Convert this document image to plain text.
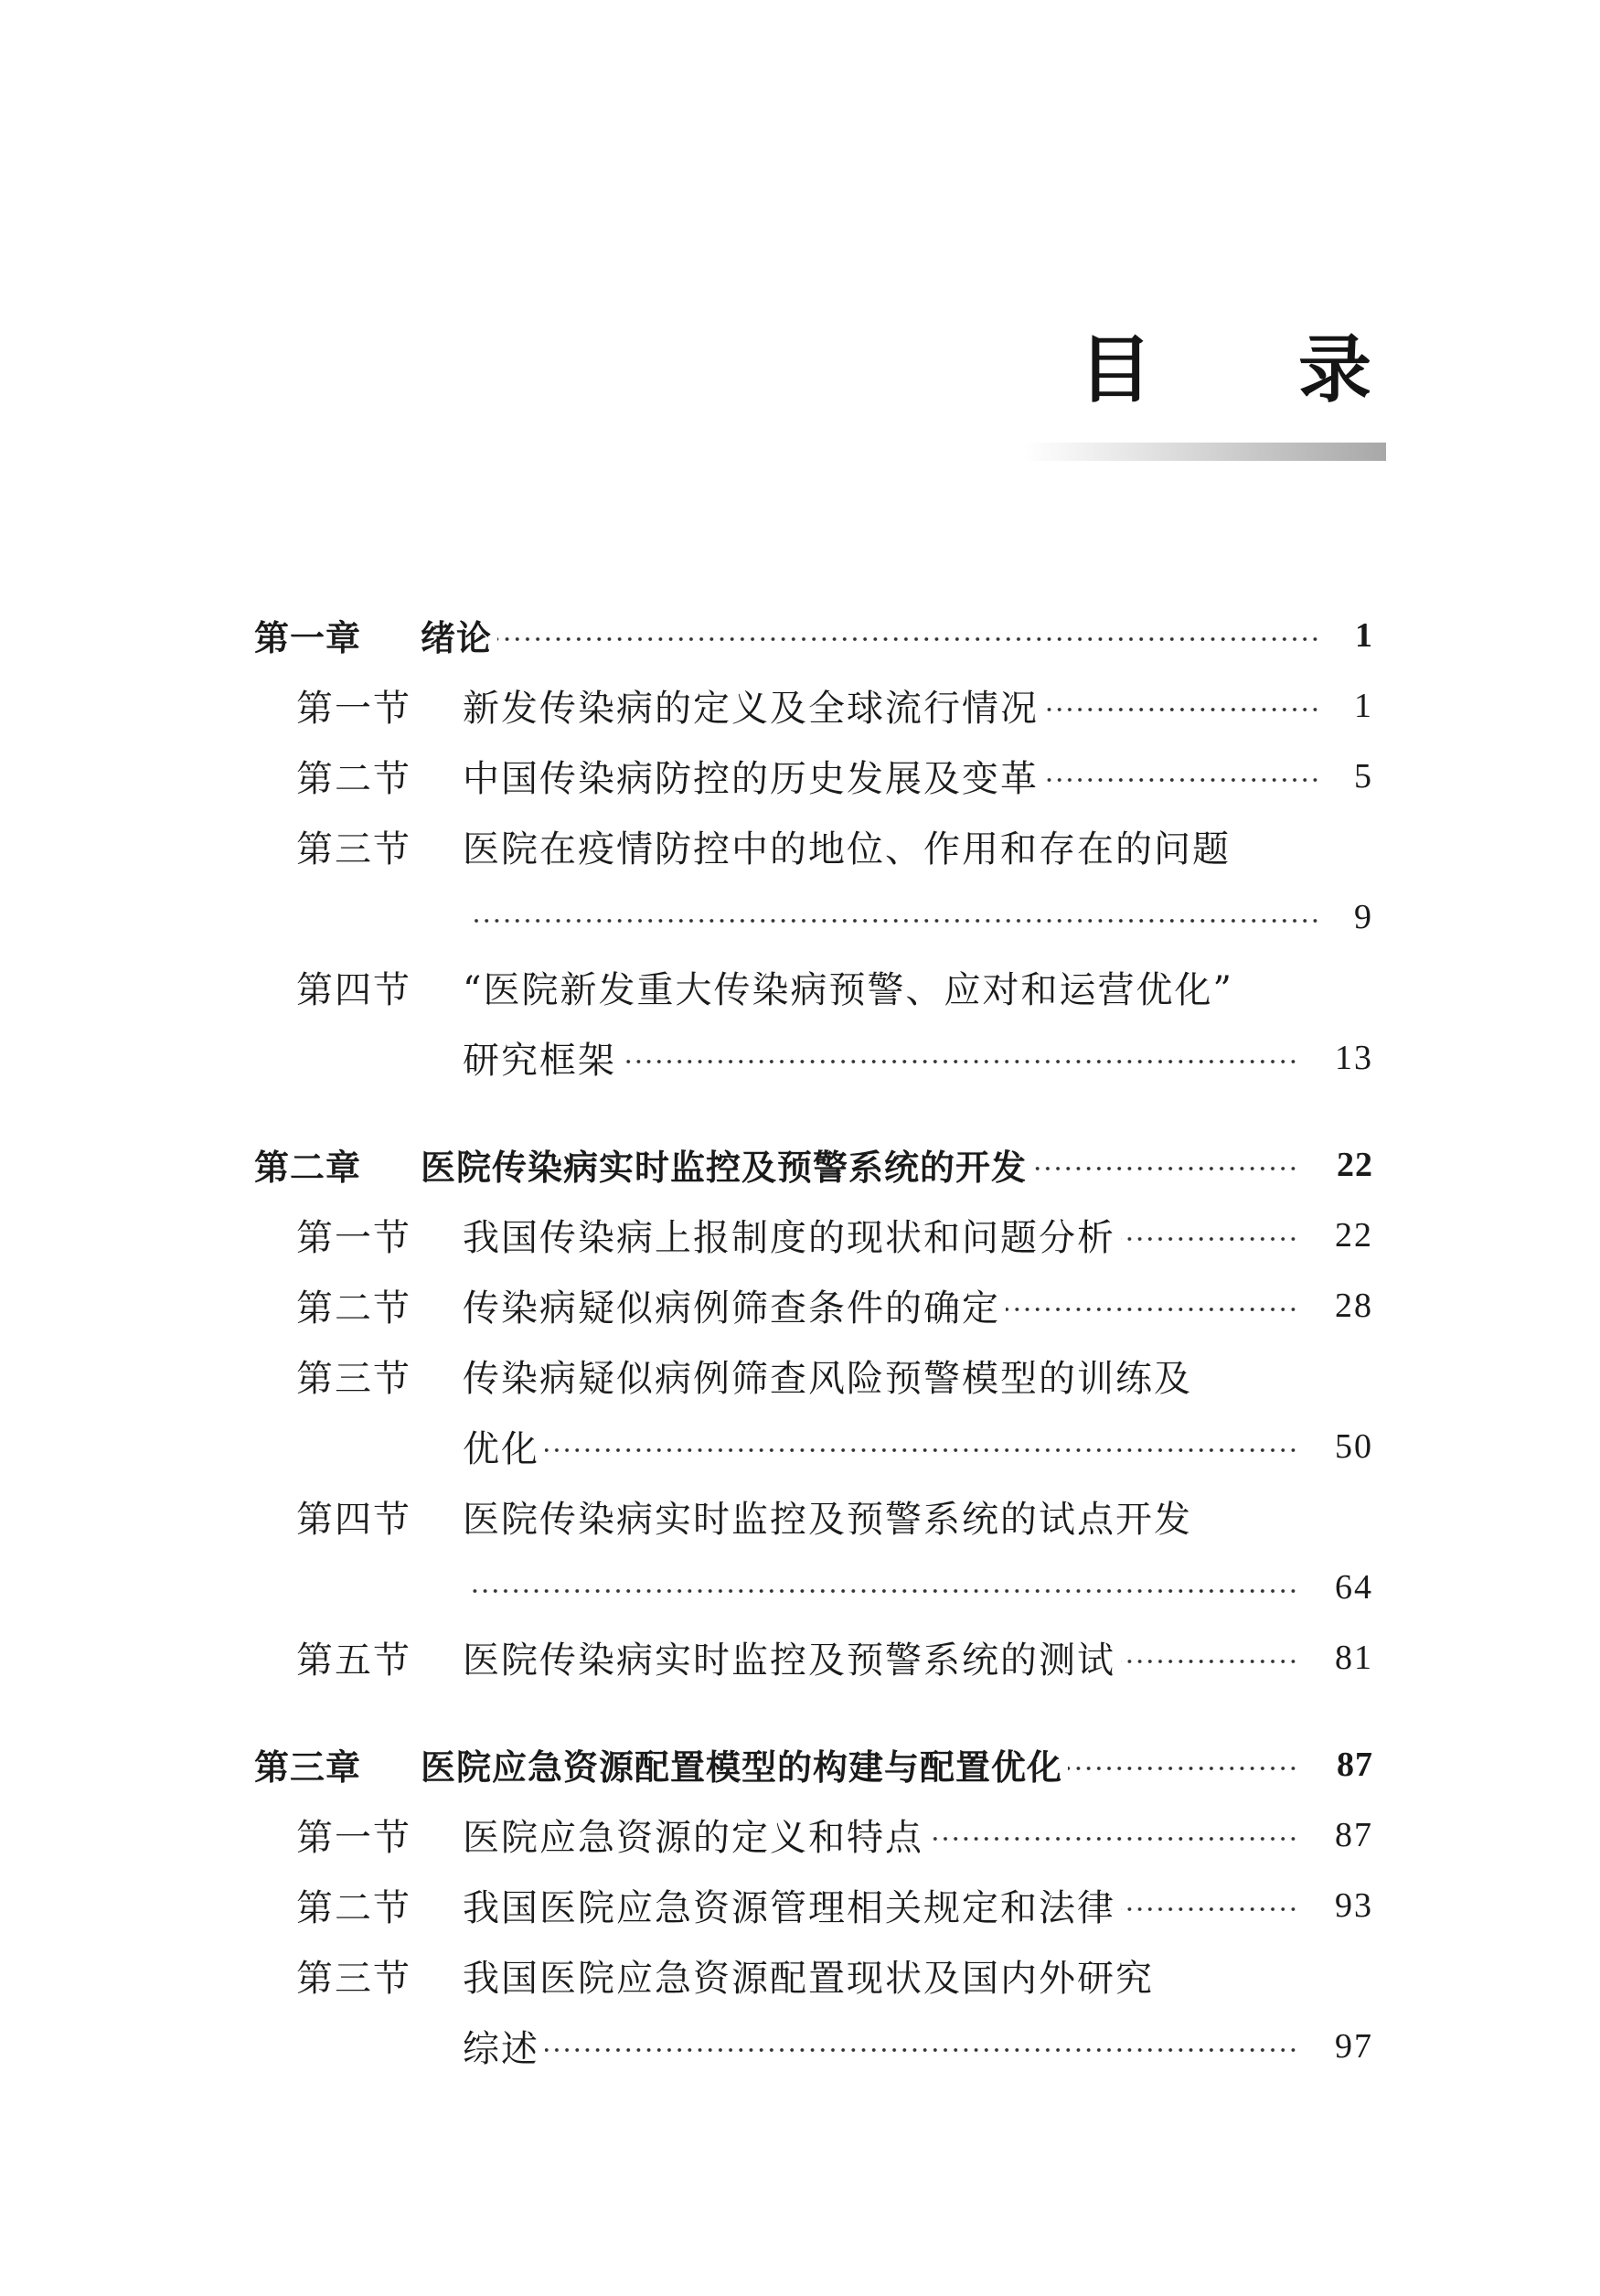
目 录
第一章	绪论	1
第一节	新发传染病的定义及全球流行情况	1
第二节	中国传染病防控的历史发展及变革	5
第三节	医院在疫情防控中的地位、作用和存在的问题
9
第四节	“医院新发重大传染病预警、应对和运营优化”
研究框架	13
第二章	医院传染病实时监控及预警系统的开发	22
第一节	我国传染病上报制度的现状和问题分析	22
第二节	传染病疑似病例筛查条件的确定	28
第三节	传染病疑似病例筛查风险预警模型的训练及
优化	50
第四节	医院传染病实时监控及预警系统的试点开发
64
第五节	医院传染病实时监控及预警系统的测试	81
第三章	医院应急资源配置模型的构建与配置优化	87
第一节	医院应急资源的定义和特点	87
第二节	我国医院应急资源管理相关规定和法律	93
第三节	我国医院应急资源配置现状及国内外研究
综述	97
